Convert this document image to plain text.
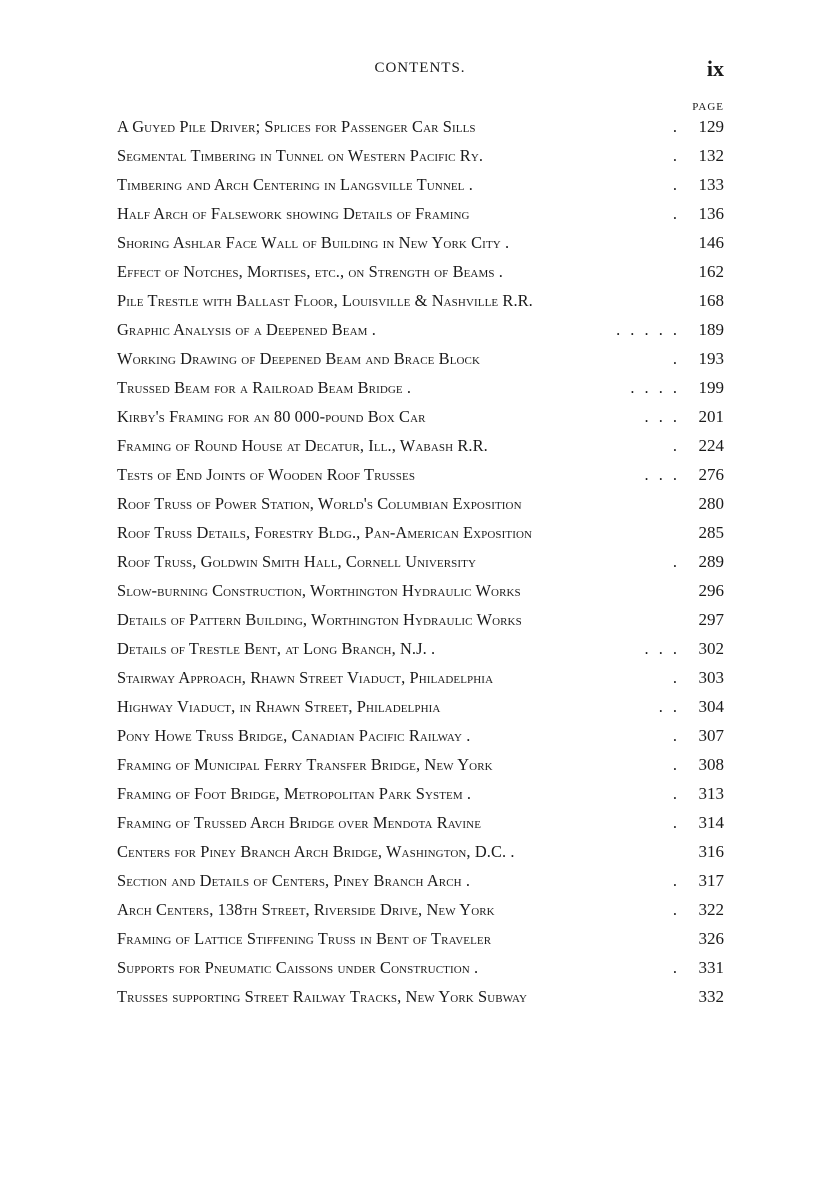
CONTENTS.	ix
PAGE
A Guyed Pile Driver; Splices for Passenger Car Sills	.	129
Segmental Timbering in Tunnel on Western Pacific Ry.	.	132
Timbering and Arch Centering in Langsville Tunnel .	.	133
Half Arch of Falsework showing Details of Framing	.	136
Shoring Ashlar Face Wall of Building in New York City .	146
Effect of Notches, Mortises, etc., on Strength of Beams .	162
Pile Trestle with Ballast Floor, Louisville & Nashville R.R.	168
Graphic Analysis of a Deepened Beam .	. . . . .	189
Working Drawing of Deepened Beam and Brace Block	.	193
Trussed Beam for a Railroad Beam Bridge .	. . . .	199
Kirby's Framing for an 80 000-pound Box Car	. . .	201
Framing of Round House at Decatur, Ill., Wabash R.R.	.	224
Tests of End Joints of Wooden Roof Trusses	. . .	276
Roof Truss of Power Station, World's Columbian Exposition	280
Roof Truss Details, Forestry Bldg., Pan-American Exposition	285
Roof Truss, Goldwin Smith Hall, Cornell University	.	289
Slow-burning Construction, Worthington Hydraulic Works	296
Details of Pattern Building, Worthington Hydraulic Works	297
Details of Trestle Bent, at Long Branch, N.J. .	. . .	302
Stairway Approach, Rhawn Street Viaduct, Philadelphia	.	303
Highway Viaduct, in Rhawn Street, Philadelphia	. .	304
Pony Howe Truss Bridge, Canadian Pacific Railway .	.	307
Framing of Municipal Ferry Transfer Bridge, New York	.	308
Framing of Foot Bridge, Metropolitan Park System .	.	313
Framing of Trussed Arch Bridge over Mendota Ravine	.	314
Centers for Piney Branch Arch Bridge, Washington, D.C. .	316
Section and Details of Centers, Piney Branch Arch .	.	317
Arch Centers, 138th Street, Riverside Drive, New York	.	322
Framing of Lattice Stiffening Truss in Bent of Traveler	326
Supports for Pneumatic Caissons under Construction .	.	331
Trusses supporting Street Railway Tracks, New York Subway	332
